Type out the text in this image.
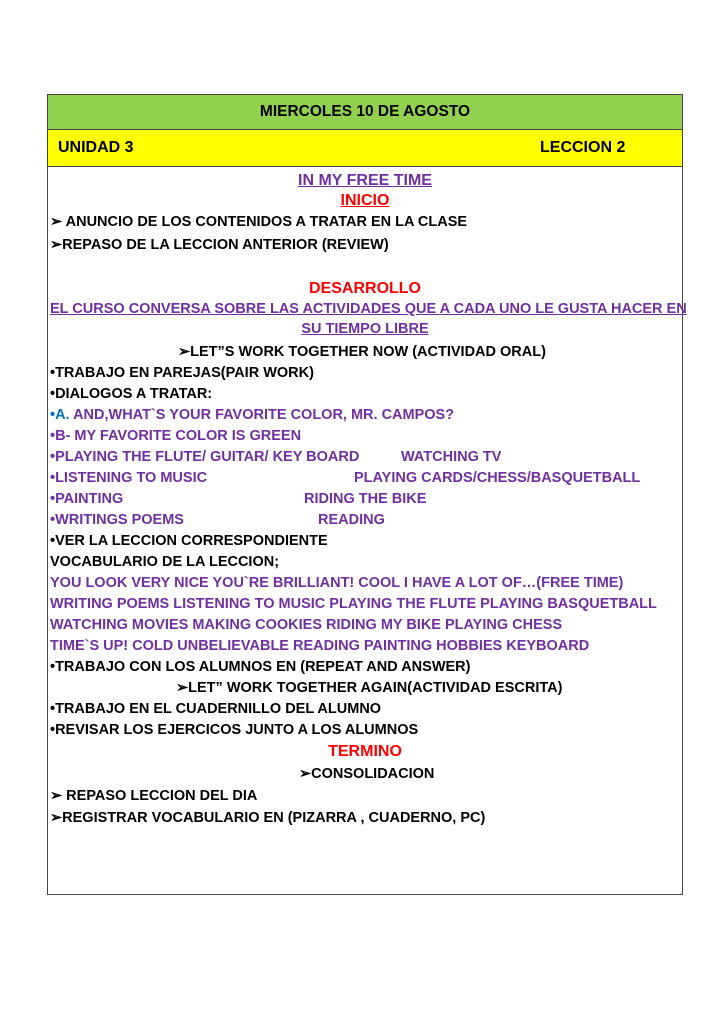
MIERCOLES 10 DE AGOSTO
UNIDAD 3	LECCION 2
IN MY FREE TIME
INICIO
➢ ANUNCIO DE LOS CONTENIDOS A TRATAR EN LA CLASE
➢REPASO DE LA LECCION ANTERIOR (REVIEW)
DESARROLLO
EL CURSO CONVERSA SOBRE LAS ACTIVIDADES QUE A CADA UNO LE GUSTA HACER EN
SU TIEMPO LIBRE
➢LET”S WORK TOGETHER NOW (ACTIVIDAD ORAL)
•TRABAJO EN PAREJAS(PAIR WORK)
•DIALOGOS A TRATAR:
•A. AND,WHAT`S YOUR FAVORITE COLOR, MR. CAMPOS?
•B- MY FAVORITE COLOR IS GREEN
•PLAYING THE FLUTE/ GUITAR/ KEY BOARD	WATCHING TV
•LISTENING TO MUSIC	PLAYING CARDS/CHESS/BASQUETBALL
•PAINTING	RIDING THE BIKE
•WRITINGS POEMS	READING
•VER LA LECCION CORRESPONDIENTE
VOCABULARIO DE LA LECCION;
YOU LOOK VERY NICE YOU`RE BRILLIANT! COOL I HAVE A LOT OF…(FREE TIME)
WRITING POEMS LISTENING TO MUSIC PLAYING THE FLUTE PLAYING BASQUETBALL
WATCHING MOVIES MAKING COOKIES RIDING MY BIKE PLAYING CHESS
TIME`S UP! COLD UNBELIEVABLE READING PAINTING HOBBIES KEYBOARD
•TRABAJO CON LOS ALUMNOS EN (REPEAT AND ANSWER)
➢LET” WORK TOGETHER AGAIN(ACTIVIDAD ESCRITA)
•TRABAJO EN EL CUADERNILLO DEL ALUMNO
•REVISAR LOS EJERCICOS JUNTO A LOS ALUMNOS
TERMINO
➢CONSOLIDACION
➢ REPASO LECCION DEL DIA
➢REGISTRAR VOCABULARIO EN (PIZARRA , CUADERNO, PC)
